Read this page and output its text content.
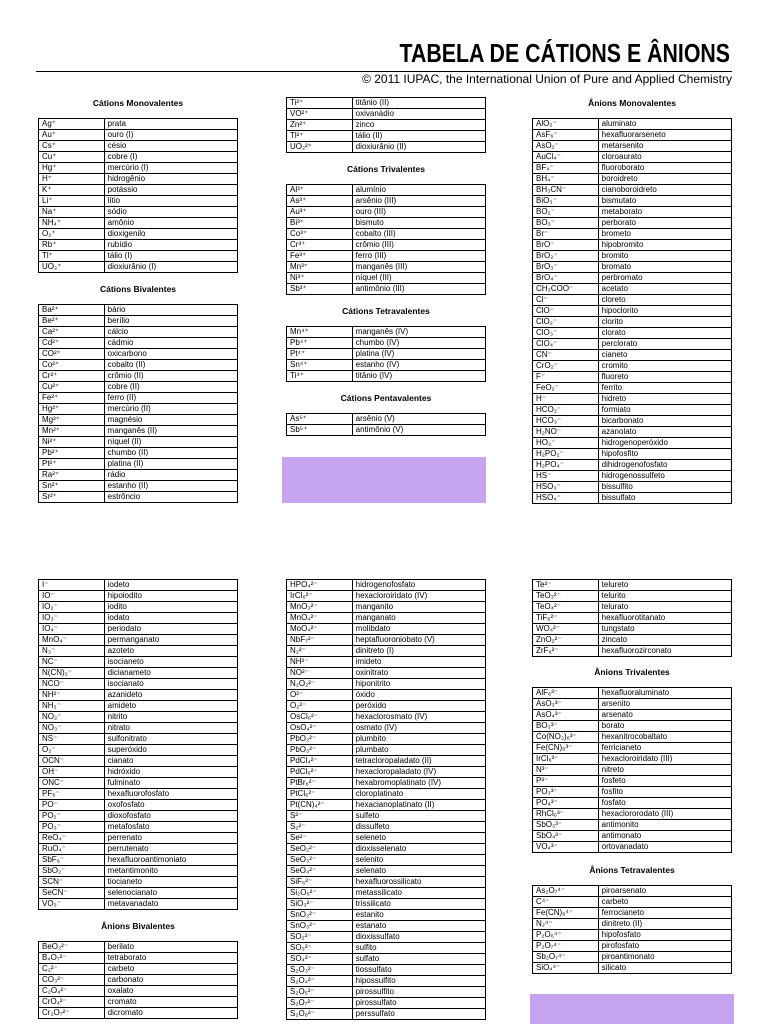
TABELA DE CÁTIONS E ÂNIONS
© 2011 IUPAC, the International Union of Pure and Applied Chemistry
Cátions Monovalentes
Cátions Bivalentes
Cátions Trivalentes
Cátions Tetravalentes
Cátions Pentavalentes
Ânions Monovalentes
Ânions Bivalentes
Ânions Trivalentes
Ânions Tetravalentes
Ag⁺	prata
Au⁺	ouro (I)
Cs⁺	césio
Cu⁺	cobre (I)
Hg⁺	mercúrio (I)
H⁺	hidrogênio
K⁺	potássio
Li⁺	lítio
Na⁺	sódio
NH₄⁺	amônio
O₂⁺	dioxigenilo
Rb⁺	rubídio
Tl⁺	tálio (I)
UO₂⁺	dioxiurânio (I)
Ba²⁺	bário
Be²⁺	berílio
Ca²⁺	cálcio
Cd²⁺	cádmio
CO²⁺	oxicarbono
Co²⁺	cobalto (II)
Cr²⁺	crômio (II)
Cu²⁺	cobre (II)
Fe²⁺	ferro (II)
Hg²⁺	mercúrio (II)
Mg²⁺	magnésio
Mn²⁺	manganês (II)
Ni²⁺	níquel (II)
Pb²⁺	chumbo (II)
Pt²⁺	platina (II)
Ra²⁺	rádio
Sn²⁺	estanho (II)
Sr²⁺	estrôncio
Ti²⁺	titânio (II)
VO²⁺	oxivanádio
Zn²⁺	zinco
Tl²⁺	tálio (II)
UO₂²⁺	dioxiurânio (II)
Al³⁺	alumínio
As³⁺	arsênio (III)
Au³⁺	ouro (III)
Bi³⁺	bismuto
Co³⁺	cobalto (III)
Cr³⁺	crômio (III)
Fe³⁺	ferro (III)
Mn³⁺	manganês (III)
Ni³⁺	níquel (III)
Sb³⁺	antimônio (III)
Mn⁴⁺	manganês (IV)
Pb⁴⁺	chumbo (IV)
Pt⁴⁺	platina (IV)
Sn⁴⁺	estanho (IV)
Ti⁴⁺	titânio (IV)
As⁵⁺	arsênio (V)
Sb⁵⁺	antimônio (V)
AlO₂⁻	aluminato
AsF₆⁻	hexafluorarseneto
AsO₂⁻	metarsenito
AuCl₄⁻	cloroaurato
BF₄⁻	fluoroborato
BH₄⁻	boroidreto
BH₃CN⁻	cianoboroidreto
BiO₃⁻	bismutato
BO₂⁻	metaborato
BO₃⁻	perborato
Br⁻	brometo
BrO⁻	hipobromito
BrO₂⁻	bromito
BrO₃⁻	bromato
BrO₄⁻	perbromato
CH₃COO⁻	acetato
Cl⁻	cloreto
ClO⁻	hipoclorito
ClO₂⁻	clorito
ClO₃⁻	clorato
ClO₄⁻	perclorato
CN⁻	cianeto
CrO₂⁻	cromito
F⁻	fluoreto
FeO₂⁻	ferrito
H⁻	hidreto
HCO₂⁻	formiato
HCO₃⁻	bicarbonato
H₂NO⁻	azanolato
HO₂⁻	hidrogenoperóxido
H₂PO₂⁻	hipofosfito
H₂PO₄⁻	dihidrogenofosfato
HS⁻	hidrogenossulfeto
HSO₃⁻	bissulfito
HSO₄⁻	bissulfato
I⁻	iodeto
IO⁻	hipoiodito
IO₂⁻	iodito
IO₃⁻	iodato
IO₄⁻	periodato
MnO₄⁻	permanganato
N₃⁻	azoteto
NC⁻	isocianeto
N(CN)₂⁻	dicianameto
NCO⁻	isocianato
NH²⁻	azanideto
NH₂⁻	amideto
NO₂⁻	nitrito
NO₃⁻	nitrato
NS⁻	sulfonitrato
O₂⁻	superóxido
OCN⁻	cianato
OH⁻	hidróxido
ONC⁻	fulminato
PF₆⁻	hexafluorofosfato
PO⁻	oxofosfato
PO₂⁻	dioxofosfato
PO₃⁻	metafosfato
ReO₄⁻	perrenato
RuO₄⁻	perrutenato
SbF₆⁻	hexafluoroantimoniato
SbO₂⁻	metantimonito
SCN⁻	tiocianeto
SeCN⁻	selenocianato
VO₃⁻	metavanadato
BeO₂²⁻	berilato
B₄O₇²⁻	tetraborato
C₂²⁻	carbeto
CO₃²⁻	carbonato
C₂O₄²⁻	oxalato
CrO₄²⁻	cromato
Cr₂O₇²⁻	dicromato
HPO₄²⁻	hidrogenofosfato
IrCl₆²⁻	hexacloroiridato (IV)
MnO₃²⁻	manganito
MnO₄²⁻	manganato
MoO₄²⁻	molibdato
NbF₇²⁻	heptafluoroniobato (V)
N₂²⁻	dinitreto (I)
NH²⁻	imideto
NO²⁻	oxinitrato
N₂O₂²⁻	hiponitrito
O²⁻	óxido
O₂²⁻	peróxido
OsCl₆²⁻	hexaclorosmato (IV)
OsO₄²⁻	osmato (IV)
PbO₂²⁻	plumbito
PbO₃²⁻	plumbato
PdCl₄²⁻	tetracloropaladato (II)
PdCl₆²⁻	hexacloropaladato (IV)
PtBr₆²⁻	hexabromoplatinato (IV)
PtCl₆²⁻	cloroplatinato
Pt(CN)₄²⁻	hexacianoplatinato (II)
S²⁻	sulfeto
S₂²⁻	dissulfeto
Se²⁻	seleneto
SeO₂²⁻	dioxisselenato
SeO₃²⁻	selenito
SeO₄²⁻	selenato
SiF₆²⁻	hexafluorossilicato
Si₂O₅²⁻	metassilicato
SiO₃²⁻	trissilicato
SnO₂²⁻	estanito
SnO₃²⁻	estanato
SO₂²⁻	dioxissulfato
SO₃²⁻	sulfito
SO₄²⁻	sulfato
S₂O₃²⁻	tiossulfato
S₂O₄²⁻	hipossulfito
S₂O₅²⁻	pirossulfito
S₂O₇²⁻	pirossulfato
S₂O₈²⁻	perssulfato
Te²⁻	telureto
TeO₃²⁻	telurito
TeO₄²⁻	telurato
TiF₆²⁻	hexafluorotitanato
WO₄²⁻	tungstato
ZnO₂²⁻	zincato
ZrF₆²⁻	hexafluorozirconato
AlF₆³⁻	hexafluoraluminato
AsO₃³⁻	arsenito
AsO₄³⁻	arsenato
BO₃³⁻	borato
Co(NO₂)₆³⁻	hexanitrocobaltato
Fe(CN)₆³⁻	ferricianeto
IrCl₆³⁻	hexacloroiridato (III)
N³⁻	nitreto
P³⁻	fosfeto
PO₃³⁻	fosfito
PO₄³⁻	fosfato
RhCl₆³⁻	hexaclororodato (III)
SbO₃³⁻	antimonito
SbO₄³⁻	antimonato
VO₄³⁻	ortovanadato
As₂O₇⁴⁻	piroarsenato
C⁴⁻	carbeto
Fe(CN)₆⁴⁻	ferrocianeto
N₂⁴⁻	dinitreto (II)
P₂O₆⁴⁻	hipofosfato
P₂O₇⁴⁻	pirofosfato
Sb₂O₇⁴⁻	piroantimonato
SiO₄⁴⁻	silicato
